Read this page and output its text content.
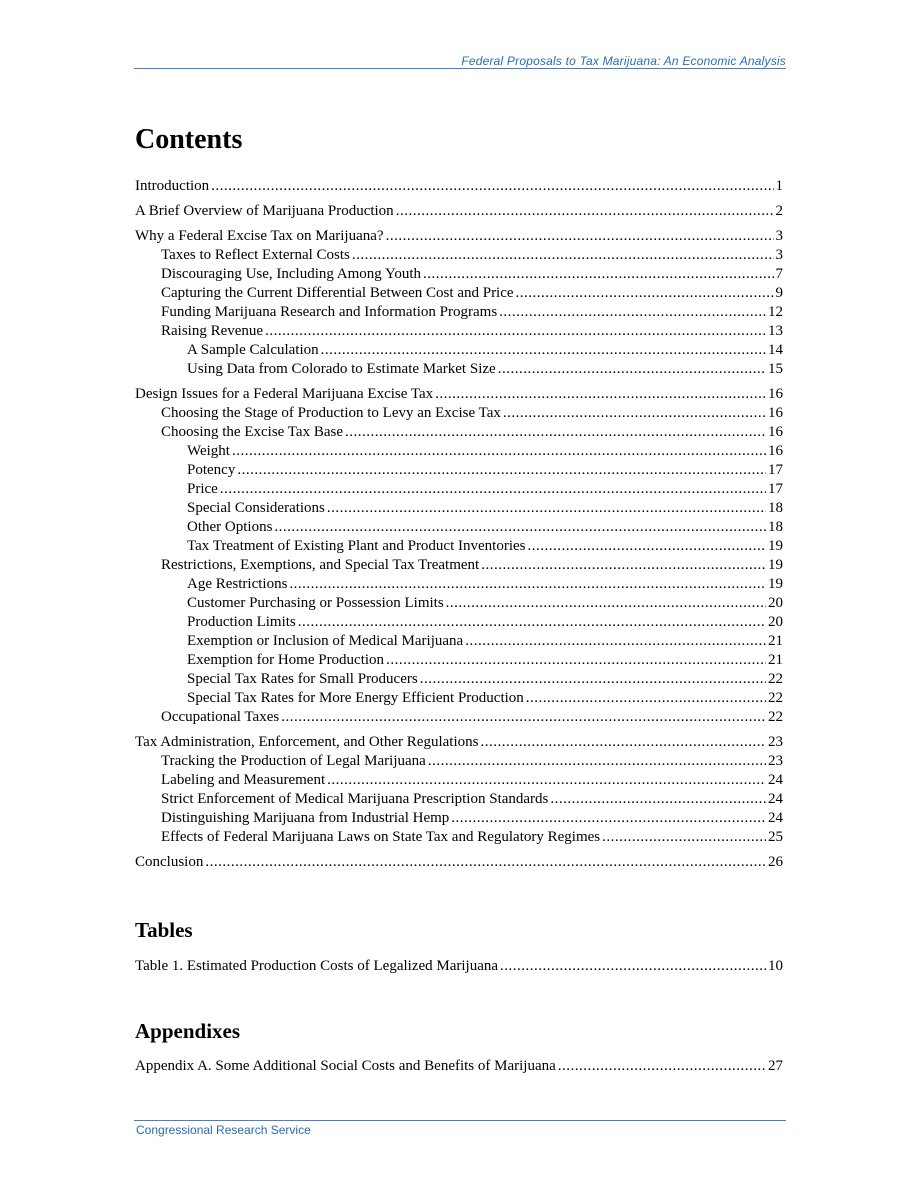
Federal Proposals to Tax Marijuana: An Economic Analysis
Contents
Introduction .....	1
A Brief Overview of Marijuana Production .....	2
Why a Federal Excise Tax on Marijuana? .....	3
Taxes to Reflect External Costs .....	3
Discouraging Use, Including Among Youth .....	7
Capturing the Current Differential Between Cost and Price .....	9
Funding Marijuana Research and Information Programs .....	12
Raising Revenue .....	13
A Sample Calculation .....	14
Using Data from Colorado to Estimate Market Size .....	15
Design Issues for a Federal Marijuana Excise Tax .....	16
Choosing the Stage of Production to Levy an Excise Tax .....	16
Choosing the Excise Tax Base .....	16
Weight .....	16
Potency .....	17
Price .....	17
Special Considerations .....	18
Other Options .....	18
Tax Treatment of Existing Plant and Product Inventories .....	19
Restrictions, Exemptions, and Special Tax Treatment .....	19
Age Restrictions .....	19
Customer Purchasing or Possession Limits .....	20
Production Limits .....	20
Exemption or Inclusion of Medical Marijuana .....	21
Exemption for Home Production .....	21
Special Tax Rates for Small Producers .....	22
Special Tax Rates for More Energy Efficient Production .....	22
Occupational Taxes .....	22
Tax Administration, Enforcement, and Other Regulations .....	23
Tracking the Production of Legal Marijuana .....	23
Labeling and Measurement .....	24
Strict Enforcement of Medical Marijuana Prescription Standards .....	24
Distinguishing Marijuana from Industrial Hemp .....	24
Effects of Federal Marijuana Laws on State Tax and Regulatory Regimes .....	25
Conclusion .....	26
Tables
Table 1. Estimated Production Costs of Legalized Marijuana .....	10
Appendixes
Appendix A. Some Additional Social Costs and Benefits of Marijuana .....	27
Congressional Research Service
